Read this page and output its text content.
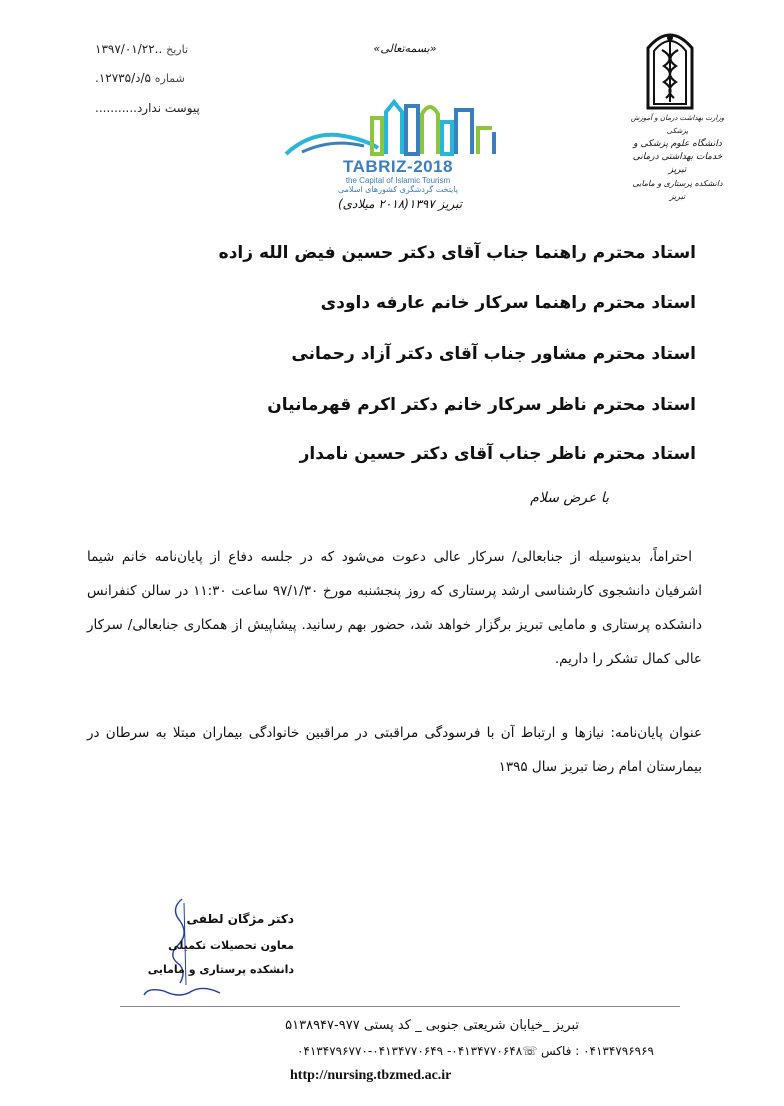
تاریخ ..۱۳۹۷/۰۱/۲۲
شماره ۵/د/۱۲۷۳۵.
پیوست ندارد...........
«بسمه‌تعالی»
وزارت بهداشت درمان و آموزش پزشکی
دانشگاه علوم پزشکی و خدمات بهداشتی درمانی تبریز
دانشکده پرستاری و مامایی تبریز
TABRIZ-2018
the Capital of Islamic Tourism
پایتخت گردشگری کشورهای اسلامی
تبریز ۱۳۹۷(۲۰۱۸ میلادی)
استاد محترم راهنما جناب آقای دکتر حسین فیض الله زاده
استاد محترم راهنما سرکار خانم عارفه داودی
استاد محترم مشاور جناب آقای دکتر آزاد رحمانی
استاد محترم ناظر سرکار خانم دکتر اکرم قهرمانیان
استاد محترم ناظر جناب آقای دکتر حسین نامدار
با عرض سلام
احتراماً، بدینوسیله از جنابعالی/ سرکار عالی دعوت می‌شود که در جلسه دفاع از پایان‌نامه خانم شیما اشرفیان دانشجوی کارشناسی ارشد پرستاری که روز پنجشنبه مورخ ۹۷/۱/۳۰ ساعت ۱۱:۳۰ در سالن کنفرانس دانشکده پرستاری و مامایی تبریز برگزار خواهد شد، حضور بهم رسانید. پیشاپیش از همکاری جنابعالی/ سرکار عالی کمال تشکر را داریم.
عنوان پایان‌نامه: نیازها و ارتباط آن با فرسودگی مراقبتی در مراقبین خانوادگی بیماران مبتلا به سرطان در بیمارستان امام رضا تبریز سال ۱۳۹۵
دکتر مژگان لطفی
معاون تحصیلات تکمیلی
دانشکده پرستاری و مامایی
تبریز _خیابان شریعتی جنوبی _ کد پستی ۹۷۷-۵۱۳۸۹۴۷
۰۴۱۳۴۷۹۶۹۶۹ : فاکس ☏۰۴۱۳۴۷۷۰۶۴۸- ۰۴۱۳۴۷۷۰۶۴۹-۰۴۱۳۴۷۹۶۷۷۰
http://nursing.tbzmed.ac.ir
